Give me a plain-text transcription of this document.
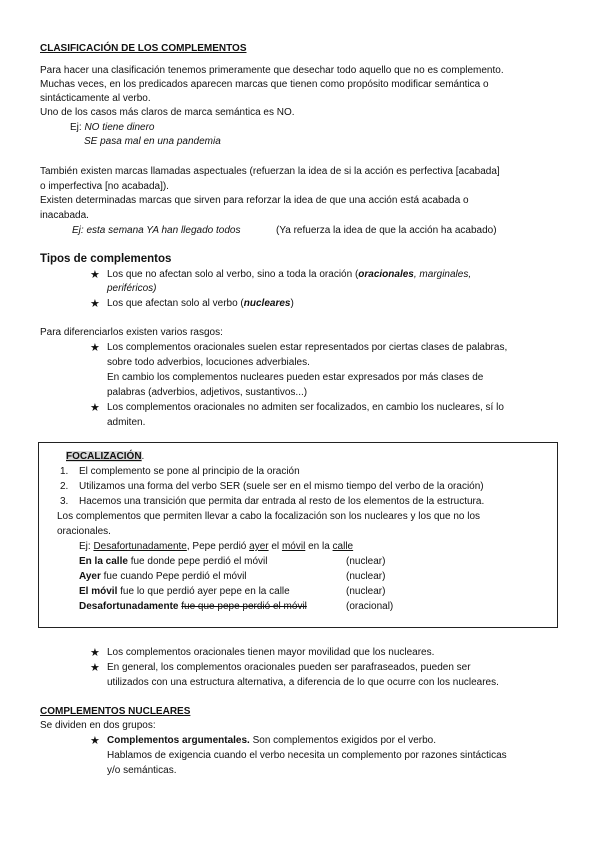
CLASIFICACIÓN DE LOS COMPLEMENTOS
Para hacer una clasificación tenemos primeramente que desechar todo aquello que no es complemento.
Muchas veces, en los predicados aparecen marcas que tienen como propósito modificar semántica o
sintácticamente al verbo.
Uno de los casos más claros de marca semántica es NO.
Ej: NO tiene dinero
SE pasa mal en una pandemia
También existen marcas llamadas aspectuales (refuerzan la idea de si la acción es perfectiva [acabada]
o imperfectiva [no acabada]).
Existen determinadas marcas que sirven para reforzar la idea de que una acción está acabada o
inacabada.
Ej: esta semana YA han llegado todos	(Ya refuerza la idea de que la acción ha acabado)
Tipos de complementos
★ Los que no afectan solo al verbo, sino a toda la oración (oracionales, marginales,
periféricos)
★ Los que afectan solo al verbo (nucleares)
Para diferenciarlos existen varios rasgos:
★ Los complementos oracionales suelen estar representados por ciertas clases de palabras,
sobre todo adverbios, locuciones adverbiales.
En cambio los complementos nucleares pueden estar expresados por más clases de
palabras (adverbios, adjetivos, sustantivos...)
★ Los complementos oracionales no admiten ser focalizados, en cambio los nucleares, sí lo
admiten.
FOCALIZACIÓN.
1. El complemento se pone al principio de la oración
2. Utilizamos una forma del verbo SER (suele ser en el mismo tiempo del verbo de la oración)
3. Hacemos una transición que permita dar entrada al resto de los elementos de la estructura.
Los complementos que permiten llevar a cabo la focalización son los nucleares y los que no los
oracionales.
Ej: Desafortunadamente, Pepe perdió ayer el móvil en la calle
En la calle fue donde pepe perdió el móvil	(nuclear)
Ayer fue cuando Pepe perdió el móvil	(nuclear)
El móvil fue lo que perdió ayer pepe en la calle	(nuclear)
Desafortunadamente fue que pepe perdió el móvil	(oracional)
★ Los complementos oracionales tienen mayor movilidad que los nucleares.
★ En general, los complementos oracionales pueden ser parafraseados, pueden ser
utilizados con una estructura alternativa, a diferencia de lo que ocurre con los nucleares.
COMPLEMENTOS NUCLEARES
Se dividen en dos grupos:
★ Complementos argumentales. Son complementos exigidos por el verbo.
Hablamos de exigencia cuando el verbo necesita un complemento por razones sintácticas
y/o semánticas.
